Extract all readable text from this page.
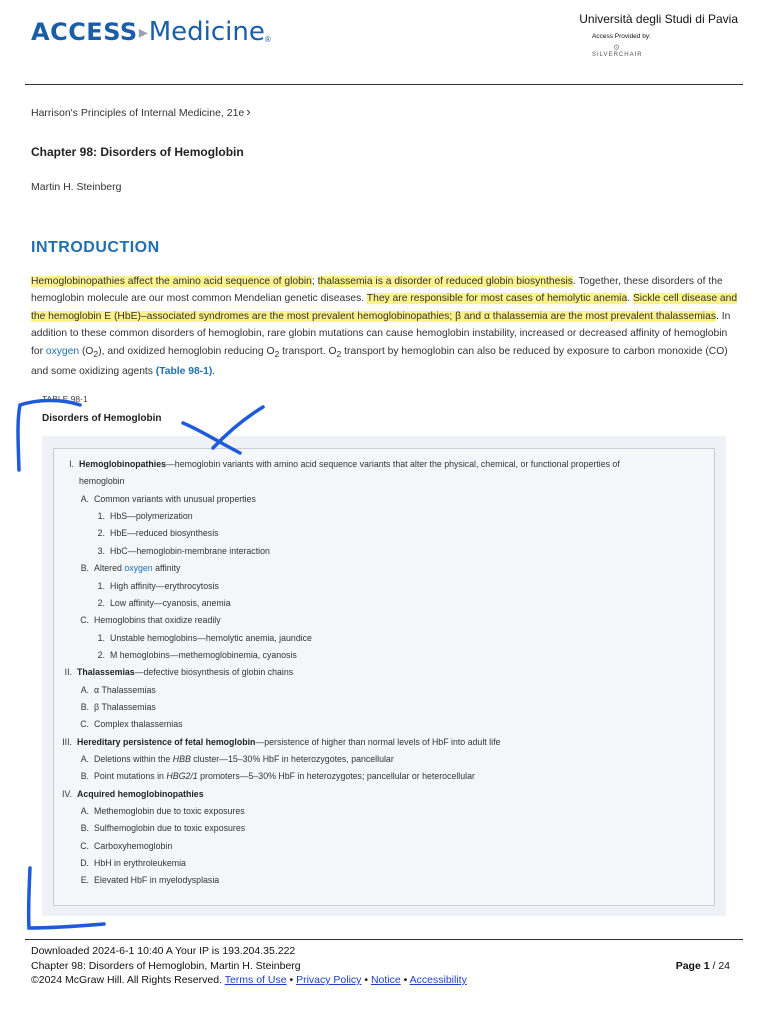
ACCESS ▸ Medicine ®
Università degli Studi di Pavia
Access Provided by:
⚙
SILVERCHAIR
Harrison's Principles of Internal Medicine, 21e ›
Chapter 98: Disorders of Hemoglobin
Martin H. Steinberg
INTRODUCTION
Hemoglobinopathies affect the amino acid sequence of globin; thalassemia is a disorder of reduced globin biosynthesis. Together, these disorders of the hemoglobin molecule are our most common Mendelian genetic diseases. They are responsible for most cases of hemolytic anemia. Sickle cell disease and the hemoglobin E (HbE)–associated syndromes are the most prevalent hemoglobinopathies; β and α thalassemia are the most prevalent thalassemias. In addition to these common disorders of hemoglobin, rare globin mutations can cause hemoglobin instability, increased or decreased affinity of hemoglobin for oxygen $(O_2)$, and oxidized hemoglobin reducing $O_2$ transport. $O_2$ transport by hemoglobin can also be reduced by exposure to carbon monoxide (CO) and some oxidizing agents (Table 98-1).
TABLE 98-1
Disorders of Hemoglobin
I. Hemoglobinopathies—hemoglobin variants with amino acid sequence variants that alter the physical, chemical, or functional properties of
hemoglobin
A. Common variants with unusual properties
1. HbS—polymerization
2. HbE—reduced biosynthesis
3. HbC—hemoglobin-membrane interaction
B. Altered oxygen affinity
1. High affinity—erythrocytosis
2. Low affinity—cyanosis, anemia
C. Hemoglobins that oxidize readily
1. Unstable hemoglobins—hemolytic anemia, jaundice
2. M hemoglobins—methemoglobinemia, cyanosis
II. Thalassemias—defective biosynthesis of globin chains
A. α Thalassemias
B. β Thalassemias
C. Complex thalassemias
III. Hereditary persistence of fetal hemoglobin—persistence of higher than normal levels of HbF into adult life
A. Deletions within the HBB cluster—15–30% HbF in heterozygotes, pancellular
B. Point mutations in HBG2/1 promoters—5–30% HbF in heterozygotes; pancellular or heterocellular
IV. Acquired hemoglobinopathies
A. Methemoglobin due to toxic exposures
B. Sulfhemoglobin due to toxic exposures
C. Carboxyhemoglobin
D. HbH in erythroleukemia
E. Elevated HbF in myelodysplasia
Downloaded 2024-6-1 10:40 A Your IP is 193.204.35.222
Chapter 98: Disorders of Hemoglobin, Martin H. Steinberg
©2024 McGraw Hill. All Rights Reserved. Terms of Use • Privacy Policy • Notice • Accessibility
Page 1 / 24
